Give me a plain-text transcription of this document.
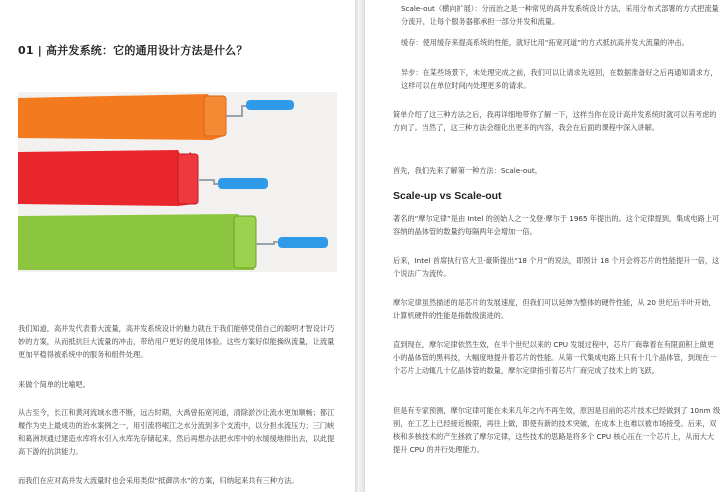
01 | 高并发系统：它的通用设计方法是什么？

我们知道，高并发代表着大流量，高并发系统设计的魅力就在于我们能够凭借自己的聪明才智设计巧妙的方案，从而抵抗巨大流量的冲击，带给用户更好的使用体验。这些方案好似能操纵流量，让流量更加平稳得被系统中的服务和组件处理。

来做个简单的比喻吧。

从古至今，长江和黄河流域水患不断，远古时期，大禹曾拓宽河道，清除淤沙让流水更加顺畅；都江堰作为史上最成功的治水案例之一，用引流将岷江之水分流到多个支流中，以分担水流压力；三门峡和葛洲坝通过建造水库将水引入水库先存储起来，然后再想办法把水库中的水缓缓地排出去，以此提高下游的抗洪能力。

而我们在应对高并发大流量时也会采用类似“抵御洪水”的方案，归纳起来共有三种方法。

Scale-out（横向扩展）：分而治之是一种常见的高并发系统设计方法，采用分布式部署的方式把流量分流开，让每个服务器都承担一部分并发和流量。

缓存：使用缓存来提高系统的性能，就好比用“拓宽河道”的方式抵抗高并发大流量的冲击。

异步：在某些场景下，未处理完成之前，我们可以让请求先返回，在数据准备好之后再通知请求方，这样可以在单位时间内处理更多的请求。

简单介绍了这三种方法之后，我再详细地带你了解一下，这样当你在设计高并发系统时就可以有考虑的方向了。当然了，这三种方法会细化出更多的内容，我会在后面的课程中深入讲解。

首先，我们先来了解第一种方法：Scale-out。

Scale-up vs Scale-out

著名的“摩尔定律”是由 Intel 的创始人之一戈登·摩尔于 1965 年提出的。这个定律提到，集成电路上可容纳的晶体管的数量约每隔两年会增加一倍。

后来，Intel 首席执行官大卫·豪斯提出“18 个月”的说法，即预计 18 个月会将芯片的性能提升一倍，这个说法广为流传。

摩尔定律虽然描述的是芯片的发展速度，但我们可以延伸为整体的硬件性能，从 20 世纪后半叶开始，计算机硬件的性能是指数级演进的。

直到现在，摩尔定律依然生效，在半个世纪以来的 CPU 发展过程中，芯片厂商靠着在有限面积上做更小的晶体管的黑科技，大幅度地提升着芯片的性能。从第一代集成电路上只有十几个晶体管，到现在一个芯片上动辄几十亿晶体管的数量，摩尔定律指引着芯片厂商完成了技术上的飞跃。

但是有专家预测，摩尔定律可能在未来几年之内不再生效，原因是目前的芯片技术已经做到了 10nm 级别，在工艺上已经接近极限，再往上做，即使有新的技术突破，在成本上也难以被市场接受。后来，双核和多核技术的产生拯救了摩尔定律，这些技术的思路是将多个 CPU 核心压在一个芯片上，从而大大提升 CPU 的并行处理能力。
